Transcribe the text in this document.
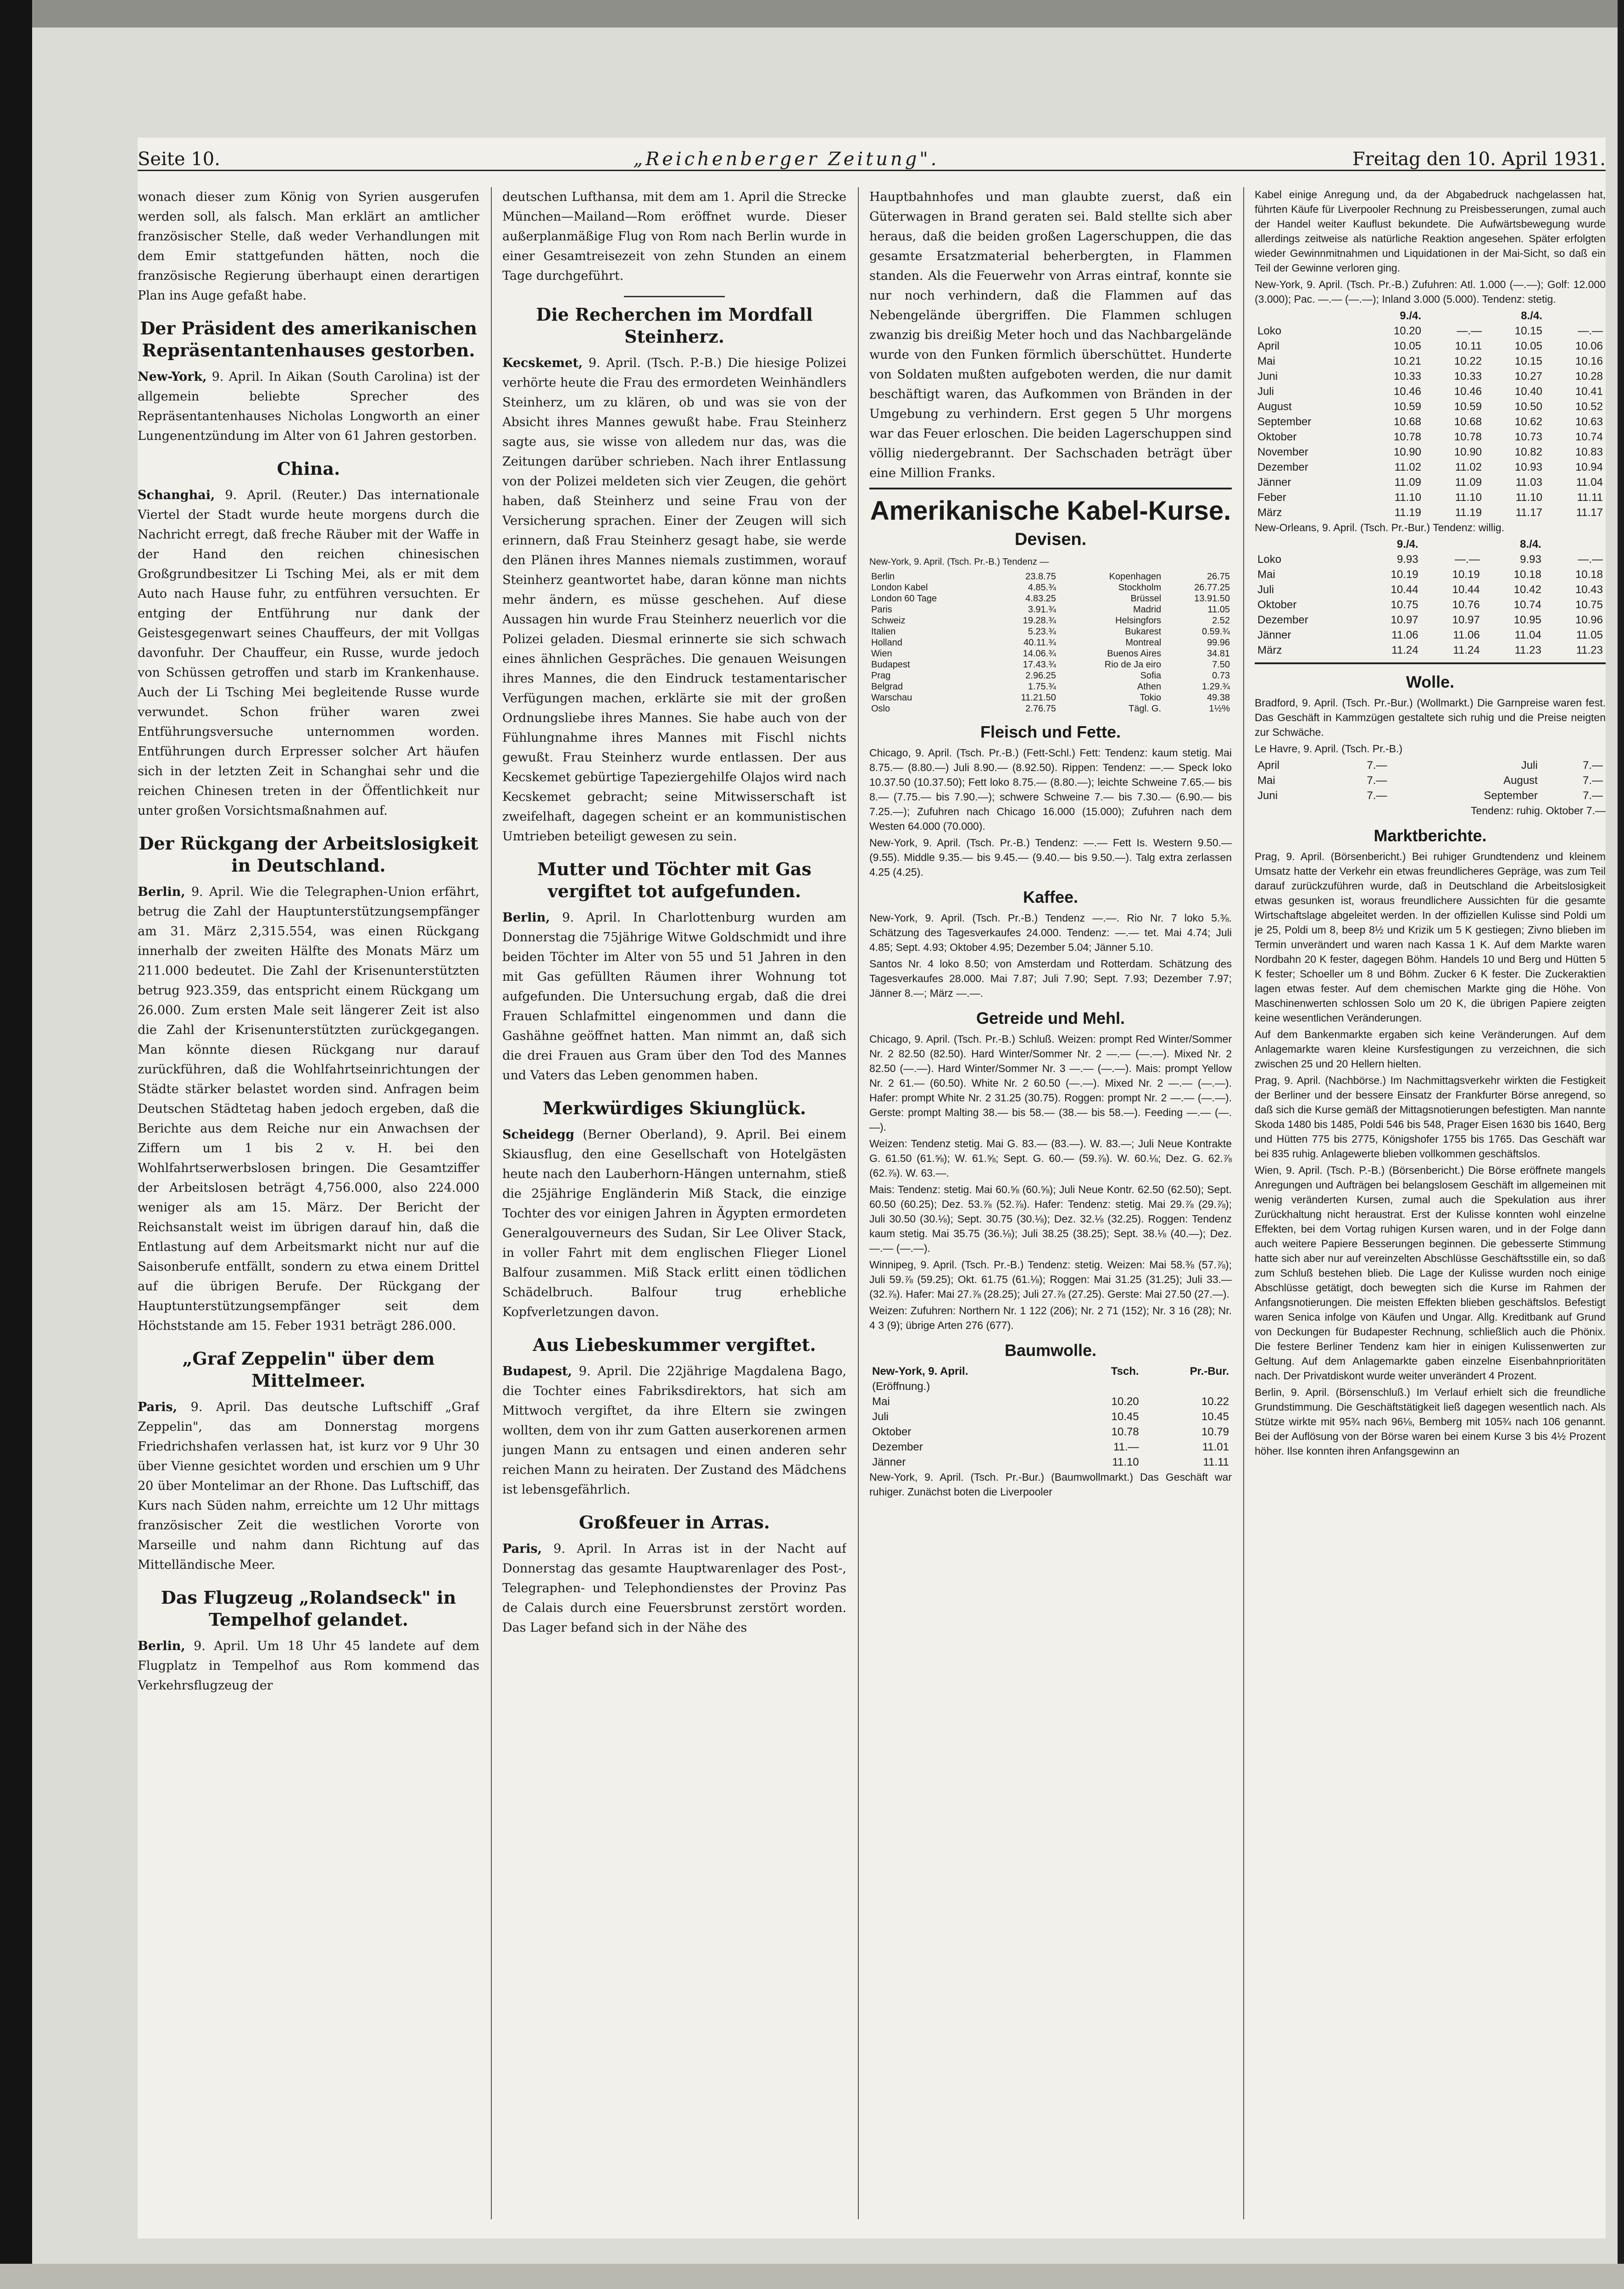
Seite 10.	„Reichenberger Zeitung".	Freitag den 10. April 1931.

wonach dieser zum König von Syrien ausgerufen werden soll, als falsch. Man erklärt an amtlicher französischer Stelle, daß weder Verhandlungen mit dem Emir stattgefunden hätten, noch die französische Regierung überhaupt einen derartigen Plan ins Auge gefaßt habe.

Der Präsident des amerikanischen Repräsentantenhauses gestorben.

New-York, 9. April. In Aikan (South Carolina) ist der allgemein beliebte Sprecher des Repräsentantenhauses Nicholas Longworth an einer Lungenentzündung im Alter von 61 Jahren gestorben.

China.

Schanghai, 9. April. (Reuter.) Das internationale Viertel der Stadt wurde heute morgens durch die Nachricht erregt, daß freche Räuber mit der Waffe in der Hand den reichen chinesischen Großgrundbesitzer Li Tsching Mei, als er mit dem Auto nach Hause fuhr, zu entführen versuchten. Er entging der Entführung nur dank der Geistesgegenwart seines Chauffeurs, der mit Vollgas davonfuhr. Der Chauffeur, ein Russe, wurde jedoch von Schüssen getroffen und starb im Krankenhause. Auch der Li Tsching Mei begleitende Russe wurde verwundet. Schon früher waren zwei Entführungsversuche unternommen worden. Entführungen durch Erpresser solcher Art häufen sich in der letzten Zeit in Schanghai sehr und die reichen Chinesen treten in der Öffentlichkeit nur unter großen Vorsichtsmaßnahmen auf.

Der Rückgang der Arbeitslosigkeit in Deutschland.

Berlin, 9. April. Wie die Telegraphen-Union erfährt, betrug die Zahl der Hauptunterstützungsempfänger am 31. März 2,315.554, was einen Rückgang innerhalb der zweiten Hälfte des Monats März um 211.000 bedeutet. Die Zahl der Krisenunterstützten betrug 923.359, das entspricht einem Rückgang um 26.000. Zum ersten Male seit längerer Zeit ist also die Zahl der Krisenunterstützten zurückgegangen. Man könnte diesen Rückgang nur darauf zurückführen, daß die Wohlfahrtseinrichtungen der Städte stärker belastet worden sind. Anfragen beim Deutschen Städtetag haben jedoch ergeben, daß die Berichte aus dem Reiche nur ein Anwachsen der Ziffern um 1 bis 2 v. H. bei den Wohlfahrtserwerbslosen bringen. Die Gesamtziffer der Arbeitslosen beträgt 4,756.000, also 224.000 weniger als am 15. März. Der Bericht der Reichsanstalt weist im übrigen darauf hin, daß die Entlastung auf dem Arbeitsmarkt nicht nur auf die Saisonberufe entfällt, sondern zu etwa einem Drittel auf die übrigen Berufe. Der Rückgang der Hauptunterstützungsempfänger seit dem Höchststande am 15. Feber 1931 beträgt 286.000.

„Graf Zeppelin" über dem Mittelmeer.

Paris, 9. April. Das deutsche Luftschiff „Graf Zeppelin", das am Donnerstag morgens Friedrichshafen verlassen hat, ist kurz vor 9 Uhr 30 über Vienne gesichtet worden und erschien um 9 Uhr 20 über Montelimar an der Rhone. Das Luftschiff, das Kurs nach Süden nahm, erreichte um 12 Uhr mittags französischer Zeit die westlichen Vororte von Marseille und nahm dann Richtung auf das Mittelländische Meer.

Das Flugzeug „Rolandseck" in Tempelhof gelandet.

Berlin, 9. April. Um 18 Uhr 45 landete auf dem Flugplatz in Tempelhof aus Rom kommend das Verkehrsflugzeug der

deutschen Lufthansa, mit dem am 1. April die Strecke München—Mailand—Rom eröffnet wurde. Dieser außerplanmäßige Flug von Rom nach Berlin wurde in einer Gesamtreisezeit von zehn Stunden an einem Tage durchgeführt.

Die Recherchen im Mordfall Steinherz.

Kecskemet, 9. April. (Tsch. P.-B.) Die hiesige Polizei verhörte heute die Frau des ermordeten Weinhändlers Steinherz, um zu klären, ob und was sie von der Absicht ihres Mannes gewußt habe. Frau Steinherz sagte aus, sie wisse von alledem nur das, was die Zeitungen darüber schrieben. Nach ihrer Entlassung von der Polizei meldeten sich vier Zeugen, die gehört haben, daß Steinherz und seine Frau von der Versicherung sprachen. Einer der Zeugen will sich erinnern, daß Frau Steinherz gesagt habe, sie werde den Plänen ihres Mannes niemals zustimmen, worauf Steinherz geantwortet habe, daran könne man nichts mehr ändern, es müsse geschehen. Auf diese Aussagen hin wurde Frau Steinherz neuerlich vor die Polizei geladen. Diesmal erinnerte sie sich schwach eines ähnlichen Gespräches. Die genauen Weisungen ihres Mannes, die den Eindruck testamentarischer Verfügungen machen, erklärte sie mit der großen Ordnungsliebe ihres Mannes. Sie habe auch von der Fühlungnahme ihres Mannes mit Fischl nichts gewußt. Frau Steinherz wurde entlassen. Der aus Kecskemet gebürtige Tapeziergehilfe Olajos wird nach Kecskemet gebracht; seine Mitwisserschaft ist zweifelhaft, dagegen scheint er an kommunistischen Umtrieben beteiligt gewesen zu sein.

Mutter und Töchter mit Gas vergiftet tot aufgefunden.

Berlin, 9. April. In Charlottenburg wurden am Donnerstag die 75jährige Witwe Goldschmidt und ihre beiden Töchter im Alter von 55 und 51 Jahren in den mit Gas gefüllten Räumen ihrer Wohnung tot aufgefunden. Die Untersuchung ergab, daß die drei Frauen Schlafmittel eingenommen und dann die Gashähne geöffnet hatten. Man nimmt an, daß sich die drei Frauen aus Gram über den Tod des Mannes und Vaters das Leben genommen haben.

Merkwürdiges Skiunglück.

Scheidegg (Berner Oberland), 9. April. Bei einem Skiausflug, den eine Gesellschaft von Hotelgästen heute nach den Lauberhorn-Hängen unternahm, stieß die 25jährige Engländerin Miß Stack, die einzige Tochter des vor einigen Jahren in Ägypten ermordeten Generalgouverneurs des Sudan, Sir Lee Oliver Stack, in voller Fahrt mit dem englischen Flieger Lionel Balfour zusammen. Miß Stack erlitt einen tödlichen Schädelbruch. Balfour trug erhebliche Kopfverletzungen davon.

Aus Liebeskummer vergiftet.

Budapest, 9. April. Die 22jährige Magdalena Bago, die Tochter eines Fabriksdirektors, hat sich am Mittwoch vergiftet, da ihre Eltern sie zwingen wollten, dem von ihr zum Gatten auserkorenen armen jungen Mann zu entsagen und einen anderen sehr reichen Mann zu heiraten. Der Zustand des Mädchens ist lebensgefährlich.

Großfeuer in Arras.

Paris, 9. April. In Arras ist in der Nacht auf Donnerstag das gesamte Hauptwarenlager des Post-, Telegraphen- und Telephondienstes der Provinz Pas de Calais durch eine Feuersbrunst zerstört worden. Das Lager befand sich in der Nähe des

Hauptbahnhofes und man glaubte zuerst, daß ein Güterwagen in Brand geraten sei. Bald stellte sich aber heraus, daß die beiden großen Lagerschuppen, die das gesamte Ersatzmaterial beherbergten, in Flammen standen. Als die Feuerwehr von Arras eintraf, konnte sie nur noch verhindern, daß die Flammen auf das Nebengelände übergriffen. Die Flammen schlugen zwanzig bis dreißig Meter hoch und das Nachbargelände wurde von den Funken förmlich überschüttet. Hunderte von Soldaten mußten aufgeboten werden, die nur damit beschäftigt waren, das Aufkommen von Bränden in der Umgebung zu verhindern. Erst gegen 5 Uhr morgens war das Feuer erloschen. Die beiden Lagerschuppen sind völlig niedergebrannt. Der Sachschaden beträgt über eine Million Franks.

Amerikanische Kabel-Kurse.
Devisen.
New-York, 9. April. (Tsch. Pr.-B.) Tendenz —
Berlin	23.8.75	Kopenhagen	26.75
London Kabel	4.85.¾	Stockholm	26.77.25
London 60 Tage	4.83.25	Brüssel	13.91.50
Paris	3.91.¾	Madrid	11.05
Schweiz	19.28.¾	Helsingfors	2.52
Italien	5.23.¾	Bukarest	0.59.¾
Holland	40.11.¾	Montreal	99.96
Wien	14.06.¾	Buenos Aires	34.81
Budapest	17.43.¾	Rio de Ja eiro	7.50
Prag	2.96.25	Sofia	0.73
Belgrad	1.75.¾	Athen	1.29.¾
Warschau	11.21.50	Tokio	49.38
Oslo	2.76.75	Tägl. G.	1½%
Fleisch und Fette.

Chicago, 9. April. (Tsch. Pr.-B.) (Fett-Schl.) Fett: Tendenz: kaum stetig. Mai 8.75.— (8.80.—) Juli 8.90.— (8.92.50). Rippen: Tendenz: —.— Speck loko 10.37.50 (10.37.50); Fett loko 8.75.— (8.80.—); leichte Schweine 7.65.— bis 8.— (7.75.— bis 7.90.—); schwere Schweine 7.— bis 7.30.— (6.90.— bis 7.25.—); Zufuhren nach Chicago 16.000 (15.000); Zufuhren nach dem Westen 64.000 (70.000).

New-York, 9. April. (Tsch. Pr.-B.) Tendenz: —.— Fett Is. Western 9.50.— (9.55). Middle 9.35.— bis 9.45.— (9.40.— bis 9.50.—). Talg extra zerlassen 4.25 (4.25).

Kaffee.

New-York, 9. April. (Tsch. Pr.-B.) Tendenz —.—. Rio Nr. 7 loko 5.⅜. Schätzung des Tagesverkaufes 24.000. Tendenz: —.— tet. Mai 4.74; Juli 4.85; Sept. 4.93; Oktober 4.95; Dezember 5.04; Jänner 5.10.

Santos Nr. 4 loko 8.50; von Amsterdam und Rotterdam. Schätzung des Tagesverkaufes 28.000. Mai 7.87; Juli 7.90; Sept. 7.93; Dezember 7.97; Jänner 8.—; März —.—.

Getreide und Mehl.

Chicago, 9. April. (Tsch. Pr.-B.) Schluß. Weizen: prompt Red Winter/Sommer Nr. 2 82.50 (82.50). Hard Winter/Sommer Nr. 2 —.— (—.—). Mixed Nr. 2 82.50 (—.—). Hard Winter/Sommer Nr. 3 —.— (—.—). Mais: prompt Yellow Nr. 2 61.— (60.50). White Nr. 2 60.50 (—.—). Mixed Nr. 2 —.— (—.—). Hafer: prompt White Nr. 2 31.25 (30.75). Roggen: prompt Nr. 2 —.— (—.—). Gerste: prompt Malting 38.— bis 58.— (38.— bis 58.—). Feeding —.— (—.—).

Weizen: Tendenz stetig. Mai G. 83.— (83.—). W. 83.—; Juli Neue Kontrakte G. 61.50 (61.⅝); W. 61.⅝; Sept. G. 60.— (59.⅞). W. 60.⅛; Dez. G. 62.⅞ (62.⅞). W. 63.—.

Mais: Tendenz: stetig. Mai 60.⅝ (60.⅝); Juli Neue Kontr. 62.50 (62.50); Sept. 60.50 (60.25); Dez. 53.⅞ (52.⅞). Hafer: Tendenz: stetig. Mai 29.⅞ (29.⅞); Juli 30.50 (30.⅛); Sept. 30.75 (30.⅛); Dez. 32.⅛ (32.25). Roggen: Tendenz kaum stetig. Mai 35.75 (36.⅛); Juli 38.25 (38.25); Sept. 38.⅛ (40.—); Dez. —.— (—.—).

Winnipeg, 9. April. (Tsch. Pr.-B.) Tendenz: stetig. Weizen: Mai 58.⅜ (57.⅞); Juli 59.⅞ (59.25); Okt. 61.75 (61.⅛); Roggen: Mai 31.25 (31.25); Juli 33.— (32.⅞). Hafer: Mai 27.⅞ (28.25); Juli 27.⅞ (27.25). Gerste: Mai 27.50 (27.—).

Weizen: Zufuhren: Northern Nr. 1 122 (206); Nr. 2 71 (152); Nr. 3 16 (28); Nr. 4 3 (9); übrige Arten 276 (677).

Baumwolle.
New-York, 9. April.	Tsch.	Pr.-Bur.
(Eröffnung.)		
Mai	10.20	10.22
Juli	10.45	10.45
Oktober	10.78	10.79
Dezember	11.—	11.01
Jänner	11.10	11.11

New-York, 9. April. (Tsch. Pr.-Bur.) (Baumwollmarkt.) Das Geschäft war ruhiger. Zunächst boten die Liverpooler

Kabel einige Anregung und, da der Abgabedruck nachgelassen hat, führten Käufe für Liverpooler Rechnung zu Preisbesserungen, zumal auch der Handel weiter Kauflust bekundete. Die Aufwärtsbewegung wurde allerdings zeitweise als natürliche Reaktion angesehen. Später erfolgten wieder Gewinnmitnahmen und Liquidationen in der Mai-Sicht, so daß ein Teil der Gewinne verloren ging.

New-York, 9. April. (Tsch. Pr.-B.) Zufuhren: Atl. 1.000 (—.—); Golf: 12.000 (3.000); Pac. —.— (—.—); Inland 3.000 (5.000). Tendenz: stetig.

	9./4.		8./4.	
Loko	10.20	—.—	10.15	—.—
April	10.05	10.11	10.05	10.06
Mai	10.21	10.22	10.15	10.16
Juni	10.33	10.33	10.27	10.28
Juli	10.46	10.46	10.40	10.41
August	10.59	10.59	10.50	10.52
September	10.68	10.68	10.62	10.63
Oktober	10.78	10.78	10.73	10.74
November	10.90	10.90	10.82	10.83
Dezember	11.02	11.02	10.93	10.94
Jänner	11.09	11.09	11.03	11.04
Feber	11.10	11.10	11.10	11.11
März	11.19	11.19	11.17	11.17

New-Orleans, 9. April. (Tsch. Pr.-Bur.) Tendenz: willig.

	9./4.		8./4.	
Loko	9.93	—.—	9.93	—.—
Mai	10.19	10.19	10.18	10.18
Juli	10.44	10.44	10.42	10.43
Oktober	10.75	10.76	10.74	10.75
Dezember	10.97	10.97	10.95	10.96
Jänner	11.06	11.06	11.04	11.05
März	11.24	11.24	11.23	11.23
Wolle.

Bradford, 9. April. (Tsch. Pr.-Bur.) (Wollmarkt.) Die Garnpreise waren fest. Das Geschäft in Kammzügen gestaltete sich ruhig und die Preise neigten zur Schwäche.

Le Havre, 9. April. (Tsch. Pr.-B.)

April	7.—	Juli	7.—
Mai	7.—	August	7.—
Juni	7.—	September	7.—

Tendenz: ruhig. Oktober 7.—

Marktberichte.

Prag, 9. April. (Börsenbericht.) Bei ruhiger Grundtendenz und kleinem Umsatz hatte der Verkehr ein etwas freundlicheres Gepräge, was zum Teil darauf zurückzuführen wurde, daß in Deutschland die Arbeitslosigkeit etwas gesunken ist, woraus freundlichere Aussichten für die gesamte Wirtschaftslage abgeleitet werden. In der offiziellen Kulisse sind Poldi um je 25, Poldi um 8, beep 8½ und Krizik um 5 K gestiegen; Zivno blieben im Termin unverändert und waren nach Kassa 1 K. Auf dem Markte waren Nordbahn 20 K fester, dagegen Böhm. Handels 10 und Berg und Hütten 5 K fester; Schoeller um 8 und Böhm. Zucker 6 K fester. Die Zuckeraktien lagen etwas fester. Auf dem chemischen Markte ging die Höhe. Von Maschinenwerten schlossen Solo um 20 K, die übrigen Papiere zeigten keine wesentlichen Veränderungen.

Auf dem Bankenmarkte ergaben sich keine Veränderungen. Auf dem Anlagemarkte waren kleine Kursfestigungen zu verzeichnen, die sich zwischen 25 und 20 Hellern hielten.

Prag, 9. April. (Nachbörse.) Im Nachmittagsverkehr wirkten die Festigkeit der Berliner und der bessere Einsatz der Frankfurter Börse anregend, so daß sich die Kurse gemäß der Mittagsnotierungen befestigten. Man nannte Skoda 1480 bis 1485, Poldi 546 bis 548, Prager Eisen 1630 bis 1640, Berg und Hütten 775 bis 2775, Königshofer 1755 bis 1765. Das Geschäft war bei 835 ruhig. Anlagewerte blieben vollkommen geschäftslos.

Wien, 9. April. (Tsch. P.-B.) (Börsenbericht.) Die Börse eröffnete mangels Anregungen und Aufträgen bei belangslosem Geschäft im allgemeinen mit wenig veränderten Kursen, zumal auch die Spekulation aus ihrer Zurückhaltung nicht heraustrat. Erst der Kulisse konnten wohl einzelne Effekten, bei dem Vortag ruhigen Kursen waren, und in der Folge dann auch weitere Papiere Besserungen beginnen. Die gebesserte Stimmung hatte sich aber nur auf vereinzelten Abschlüsse Geschäftsstille ein, so daß zum Schluß bestehen blieb. Die Lage der Kulisse wurden noch einige Abschlüsse getätigt, doch bewegten sich die Kurse im Rahmen der Anfangsnotierungen. Die meisten Effekten blieben geschäftslos. Befestigt waren Senica infolge von Käufen und Ungar. Allg. Kreditbank auf Grund von Deckungen für Budapester Rechnung, schließlich auch die Phönix. Die festere Berliner Tendenz kam hier in einigen Kulissenwerten zur Geltung. Auf dem Anlagemarkte gaben einzelne Eisenbahnprioritäten nach. Der Privatdiskont wurde weiter unverändert 4 Prozent.

Berlin, 9. April. (Börsenschluß.) Im Verlauf erhielt sich die freundliche Grundstimmung. Die Geschäftstätigkeit ließ dagegen wesentlich nach. Als Stütze wirkte mit 95¾ nach 96⅛, Bemberg mit 105¾ nach 106 genannt. Bei der Auflösung von der Börse waren bei einem Kurse 3 bis 4½ Prozent höher. Ilse konnten ihren Anfangsgewinn an
